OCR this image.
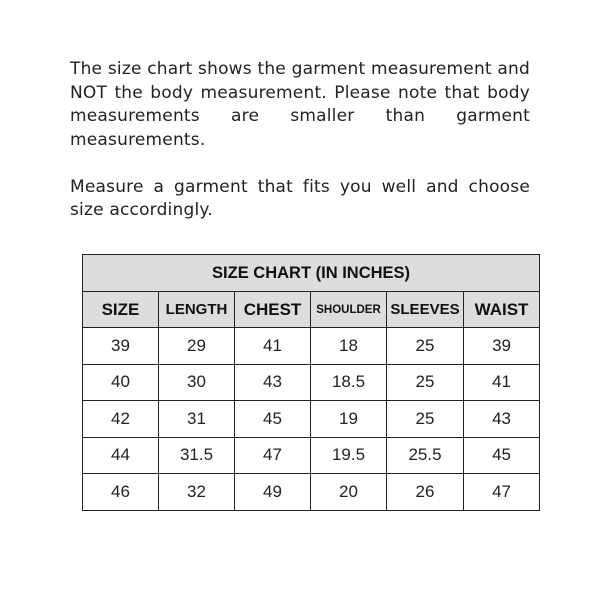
The size chart shows the garment measurement and NOT the body measurement. Please note that body measurements are smaller than garment measurements.

Measure a garment that fits you well and choose size accordingly.

SIZE CHART (IN INCHES)					
SIZE	LENGTH	CHEST	SHOULDER	SLEEVES	WAIST
39	29	41	18	25	39
40	30	43	18.5	25	41
42	31	45	19	25	43
44	31.5	47	19.5	25.5	45
46	32	49	20	26	47
